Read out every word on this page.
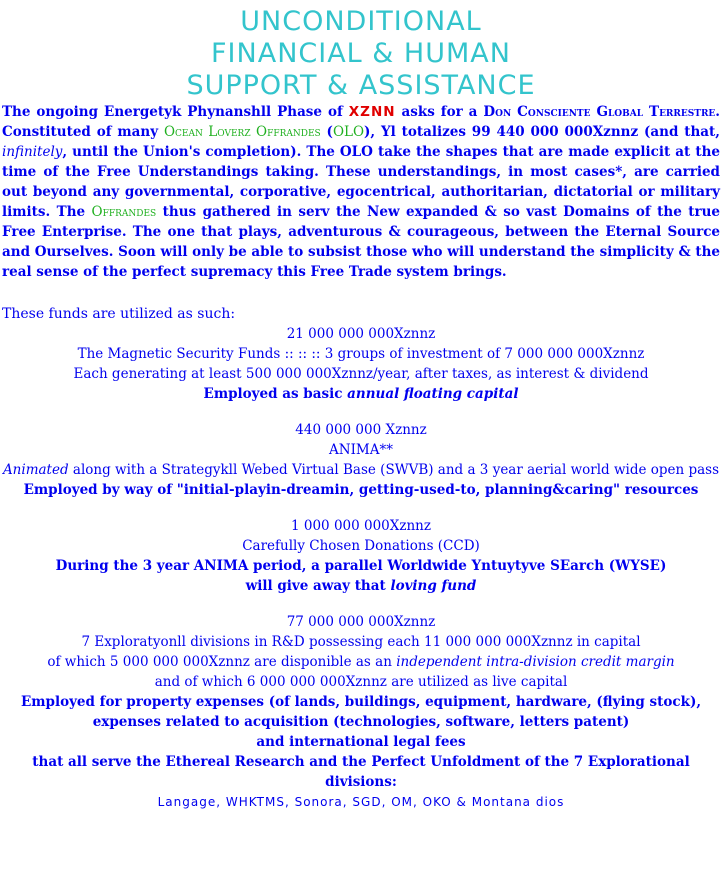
UNCONDITIONAL
FINANCIAL & HUMAN
SUPPORT & ASSISTANCE
The ongoing Energetyk Phynanshll Phase of XZNN asks for a Don Consciente Global Terrestre. Constituted of many Ocean Loverz Offrandes (OLO), Yl totalizes 99 440 000 000Xznnz (and that, infinitely, until the Union's completion). The OLO take the shapes that are made explicit at the time of the Free Understandings taking. These understandings, in most cases*, are carried out beyond any governmental, corporative, egocentrical, authoritarian, dictatorial or military limits. The Offrandes thus gathered in serv the New expanded & so vast Domains of the true Free Enterprise. The one that plays, adventurous & courageous, between the Eternal Source and Ourselves. Soon will only be able to subsist those who will understand the simplicity & the real sense of the perfect supremacy this Free Trade system brings.
These funds are utilized as such:
21 000 000 000Xznnz
The Magnetic Security Funds :: :: :: 3 groups of investment of 7 000 000 000Xznnz
Each generating at least 500 000 000Xznnz/year, after taxes, as interest & dividend
Employed as basic annual floating capital
440 000 000 Xznnz
ANIMA**
Animated along with a Strategykll Webed Virtual Base (SWVB) and a 3 year aerial world wide open pass
Employed by way of "initial-playin-dreamin, getting-used-to, planning&caring" resources
1 000 000 000Xznnz
Carefully Chosen Donations (CCD)
During the 3 year ANIMA period, a parallel Worldwide Yntuytyve SEarch (WYSE)
will give away that loving fund
77 000 000 000Xznnz
7 Exploratyonll divisions in R&D possessing each 11 000 000 000Xznnz in capital
of which 5 000 000 000Xznnz are disponible as an independent intra-division credit margin
and of which 6 000 000 000Xznnz are utilized as live capital
Employed for property expenses (of lands, buildings, equipment, hardware, (flying stock),
expenses related to acquisition (technologies, software, letters patent)
and international legal fees
that all serve the Ethereal Research and the Perfect Unfoldment of the 7 Explorational divisions:
Langage, WHKTMS, Sonora, SGD, OM, OKO & Montana dios
